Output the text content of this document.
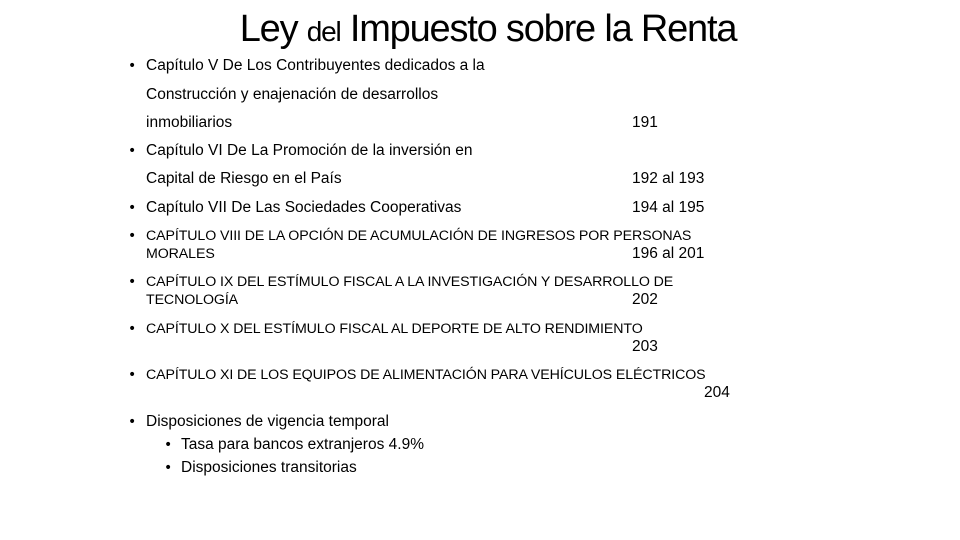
Ley del Impuesto sobre la Renta
• Capítulo V De Los Contribuyentes dedicados a la
Construcción y enajenación de desarrollos
inmobiliarios	191
• Capítulo VI De La Promoción de la inversión en
Capital de Riesgo en el País	192 al 193
• Capítulo VII De Las Sociedades Cooperativas	194 al 195
• CAPÍTULO VIII DE LA OPCIÓN DE ACUMULACIÓN DE INGRESOS POR PERSONAS
MORALES	196 al 201
• CAPÍTULO IX DEL ESTÍMULO FISCAL A LA INVESTIGACIÓN Y DESARROLLO DE
TECNOLOGÍA	202
• CAPÍTULO X DEL ESTÍMULO FISCAL AL DEPORTE DE ALTO RENDIMIENTO
203
• CAPÍTULO XI DE LOS EQUIPOS DE ALIMENTACIÓN PARA VEHÍCULOS ELÉCTRICOS
204
• Disposiciones de vigencia temporal
• Tasa para bancos extranjeros 4.9%
• Disposiciones transitorias
